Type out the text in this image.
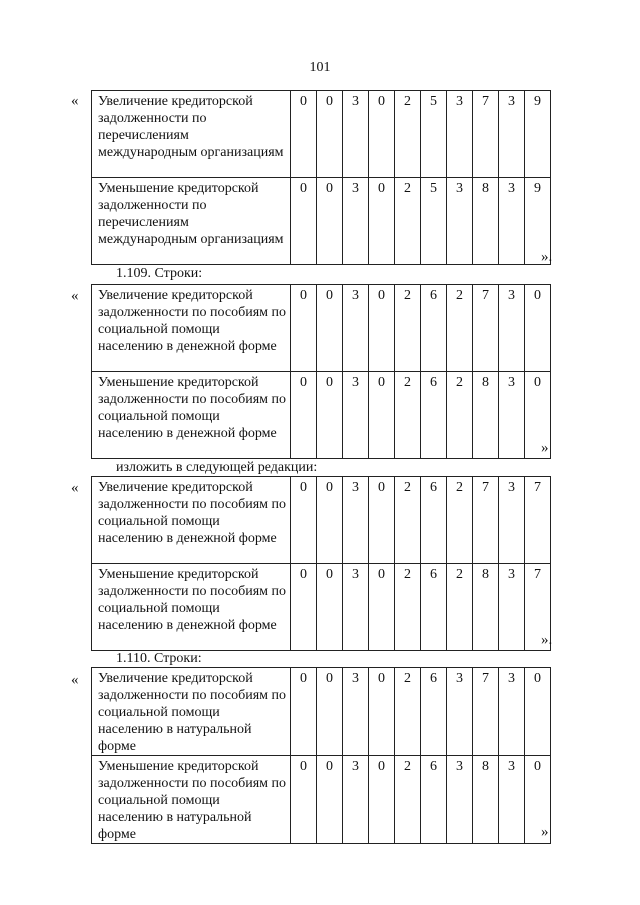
101
« Увеличение кредиторской задолженности по перечислениям международным организациям	0	0	3	0	2	5	3	7	3	9
Уменьшение кредиторской задолженности по перечислениям международным организациям	0	0	3	0	2	5	3	8	3	9
».
1.109. Строки:
« Увеличение кредиторской задолженности по пособиям по социальной помощи населению в денежной форме	0	0	3	0	2	6	2	7	3	0
Уменьшение кредиторской задолженности по пособиям по социальной помощи населению в денежной форме	0	0	3	0	2	6	2	8	3	0
»
изложить в следующей редакции:
« Увеличение кредиторской задолженности по пособиям по социальной помощи населению в денежной форме	0	0	3	0	2	6	2	7	3	7
Уменьшение кредиторской задолженности по пособиям по социальной помощи населению в денежной форме	0	0	3	0	2	6	2	8	3	7
».
1.110. Строки:
« Увеличение кредиторской задолженности по пособиям по социальной помощи населению в натуральной форме	0	0	3	0	2	6	3	7	3	0
Уменьшение кредиторской задолженности по пособиям по социальной помощи населению в натуральной форме	0	0	3	0	2	6	3	8	3	0
»
